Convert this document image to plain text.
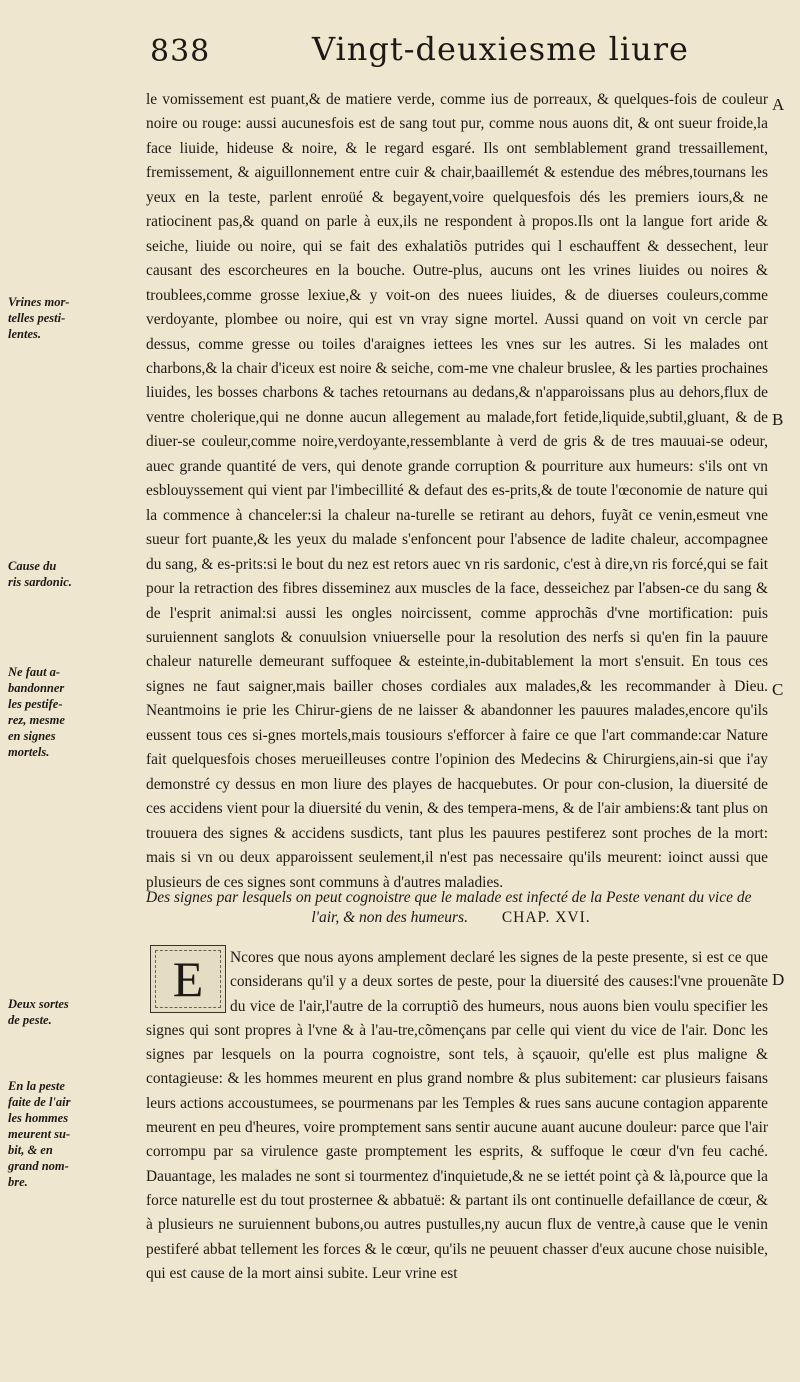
838	Vingt-deuxiesme liure

le vomissement est puant,& de matiere verde, comme ius de porreaux, & quelques-fois de couleur noire ou rouge: aussi aucunesfois est de sang tout pur, comme nous auons dit, & ont sueur froide,la face liuide, hideuse & noire, & le regard esgaré. Ils ont semblablement grand tressaillement, fremissement, & aiguillonnement entre cuir & chair,baaillemét & estendue des mébres,tournans les yeux en la teste, parlent enroüé & begayent,voire quelquesfois dés les premiers iours,& ne ratiocinent pas,& quand on parle à eux,ils ne respondent à propos.Ils ont la langue fort aride & seiche, liuide ou noire, qui se fait des exhalatiõs putrides qui l eschauffent & dessechent, leur causant des escorcheures en la bouche. Outre-plus, aucuns ont les vrines liuides ou noires & troublees,comme grosse lexiue,& y voit-on des nuees liuides, & de diuerses couleurs,comme verdoyante, plombee ou noire, qui est vn vray signe mortel. Aussi quand on voit vn cercle par dessus, comme gresse ou toiles d'araignes iettees les vnes sur les autres. Si les malades ont charbons,& la chair d'iceux est noire & seiche, com-me vne chaleur bruslee, & les parties prochaines liuides, les bosses charbons & taches retournans au dedans,& n'apparoissans plus au dehors,flux de ventre cholerique,qui ne donne aucun allegement au malade,fort fetide,liquide,subtil,gluant, & de diuer-se couleur,comme noire,verdoyante,ressemblante à verd de gris & de tres mauuai-se odeur, auec grande quantité de vers, qui denote grande corruption & pourriture aux humeurs: s'ils ont vn esblouyssement qui vient par l'imbecillité & defaut des es-prits,& de toute l'œconomie de nature qui la commence à chanceler:si la chaleur na-turelle se retirant au dehors, fuyãt ce venin,esmeut vne sueur fort puante,& les yeux du malade s'enfoncent pour l'absence de ladite chaleur, accompagnee du sang, & es-prits:si le bout du nez est retors auec vn ris sardonic, c'est à dire,vn ris forcé,qui se fait pour la retraction des fibres disseminez aux muscles de la face, desseichez par l'absen-ce du sang & de l'esprit animal:si aussi les ongles noircissent, comme approchãs d'vne mortification: puis suruiennent sanglots & conuulsion vniuerselle pour la resolution des nerfs si qu'en fin la pauure chaleur naturelle demeurant suffoquee & esteinte,in-dubitablement la mort s'ensuit. En tous ces signes ne faut saigner,mais bailler choses cordiales aux malades,& les recommander à Dieu. Neantmoins ie prie les Chirur-giens de ne laisser & abandonner les pauures malades,encore qu'ils eussent tous ces si-gnes mortels,mais tousiours s'efforcer à faire ce que l'art commande:car Nature fait quelquesfois choses merueilleuses contre l'opinion des Medecins & Chirurgiens,ain-si que i'ay demonstré cy dessus en mon liure des playes de hacquebutes. Or pour con-clusion, la diuersité de ces accidens vient pour la diuersité du venin, & des tempera-mens, & de l'air ambiens:& tant plus on trouuera des signes & accidens susdicts, tant plus les pauures pestiferez sont proches de la mort: mais si vn ou deux apparoissent seulement,il n'est pas necessaire qu'ils meurent: ioinct aussi que plusieurs de ces signes sont communs à d'autres maladies.

Vrines mor-telles pesti-lentes.
Cause du ris sardonic.
Ne faut a-bandonner les pestife-rez, mesme en signes mortels.
Deux sortes de peste.
En la peste faite de l'air les hommes meurent su-bit, & en grand nom-bre.
A
B
C
D
Des signes par lesquels on peut cognoistre que le malade est infecté de la Peste venant du vice de
l'air, & non des humeurs. CHAP. XVI.
Ncores que nous ayons amplement declaré les signes de la peste presente, si est ce que considerans qu'il y a deux sortes de peste, pour la diuersité des causes:l'vne prouenãte du vice de l'air,l'autre de la corruptiõ des humeurs, nous auons bien voulu specifier les signes qui sont propres à l'vne & à l'au-tre,cõmençans par celle qui vient du vice de l'air. Donc les signes par lesquels on la pourra cognoistre, sont tels, à sçauoir, qu'elle est plus maligne & contagieuse: & les hommes meurent en plus grand nombre & plus subitement: car plusieurs faisans leurs actions accoustumees, se pourmenans par les Temples & rues sans aucune contagion apparente meurent en peu d'heures, voire promptement sans sentir aucune auant aucune douleur: parce que l'air corrompu par sa virulence gaste promptement les esprits, & suffoque le cœur d'vn feu caché. Dauantage, les malades ne sont si tourmentez d'inquietude,& ne se iettét point çà & là,pource que la force naturelle est du tout prosternee & abbatuë: & partant ils ont continuelle defaillance de cœur, & à plusieurs ne suruiennent bubons,ou autres pustulles,ny aucun flux de ventre,à cause que le venin pestiferé abbat tellement les forces & le cœur, qu'ils ne peuuent chasser d'eux aucune chose nuisible, qui est cause de la mort ainsi subite. Leur vrine est
E
